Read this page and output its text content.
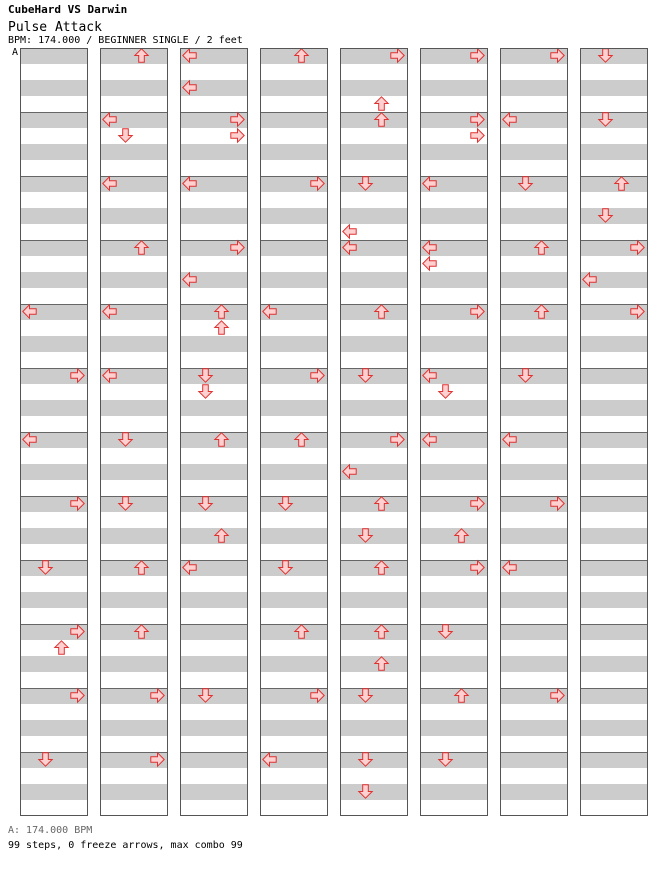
CubeHard VS Darwin
Pulse Attack
BPM: 174.000 / BEGINNER SINGLE / 2 feet
A
A: 174.000 BPM
99 steps, 0 freeze arrows, max combo 99
